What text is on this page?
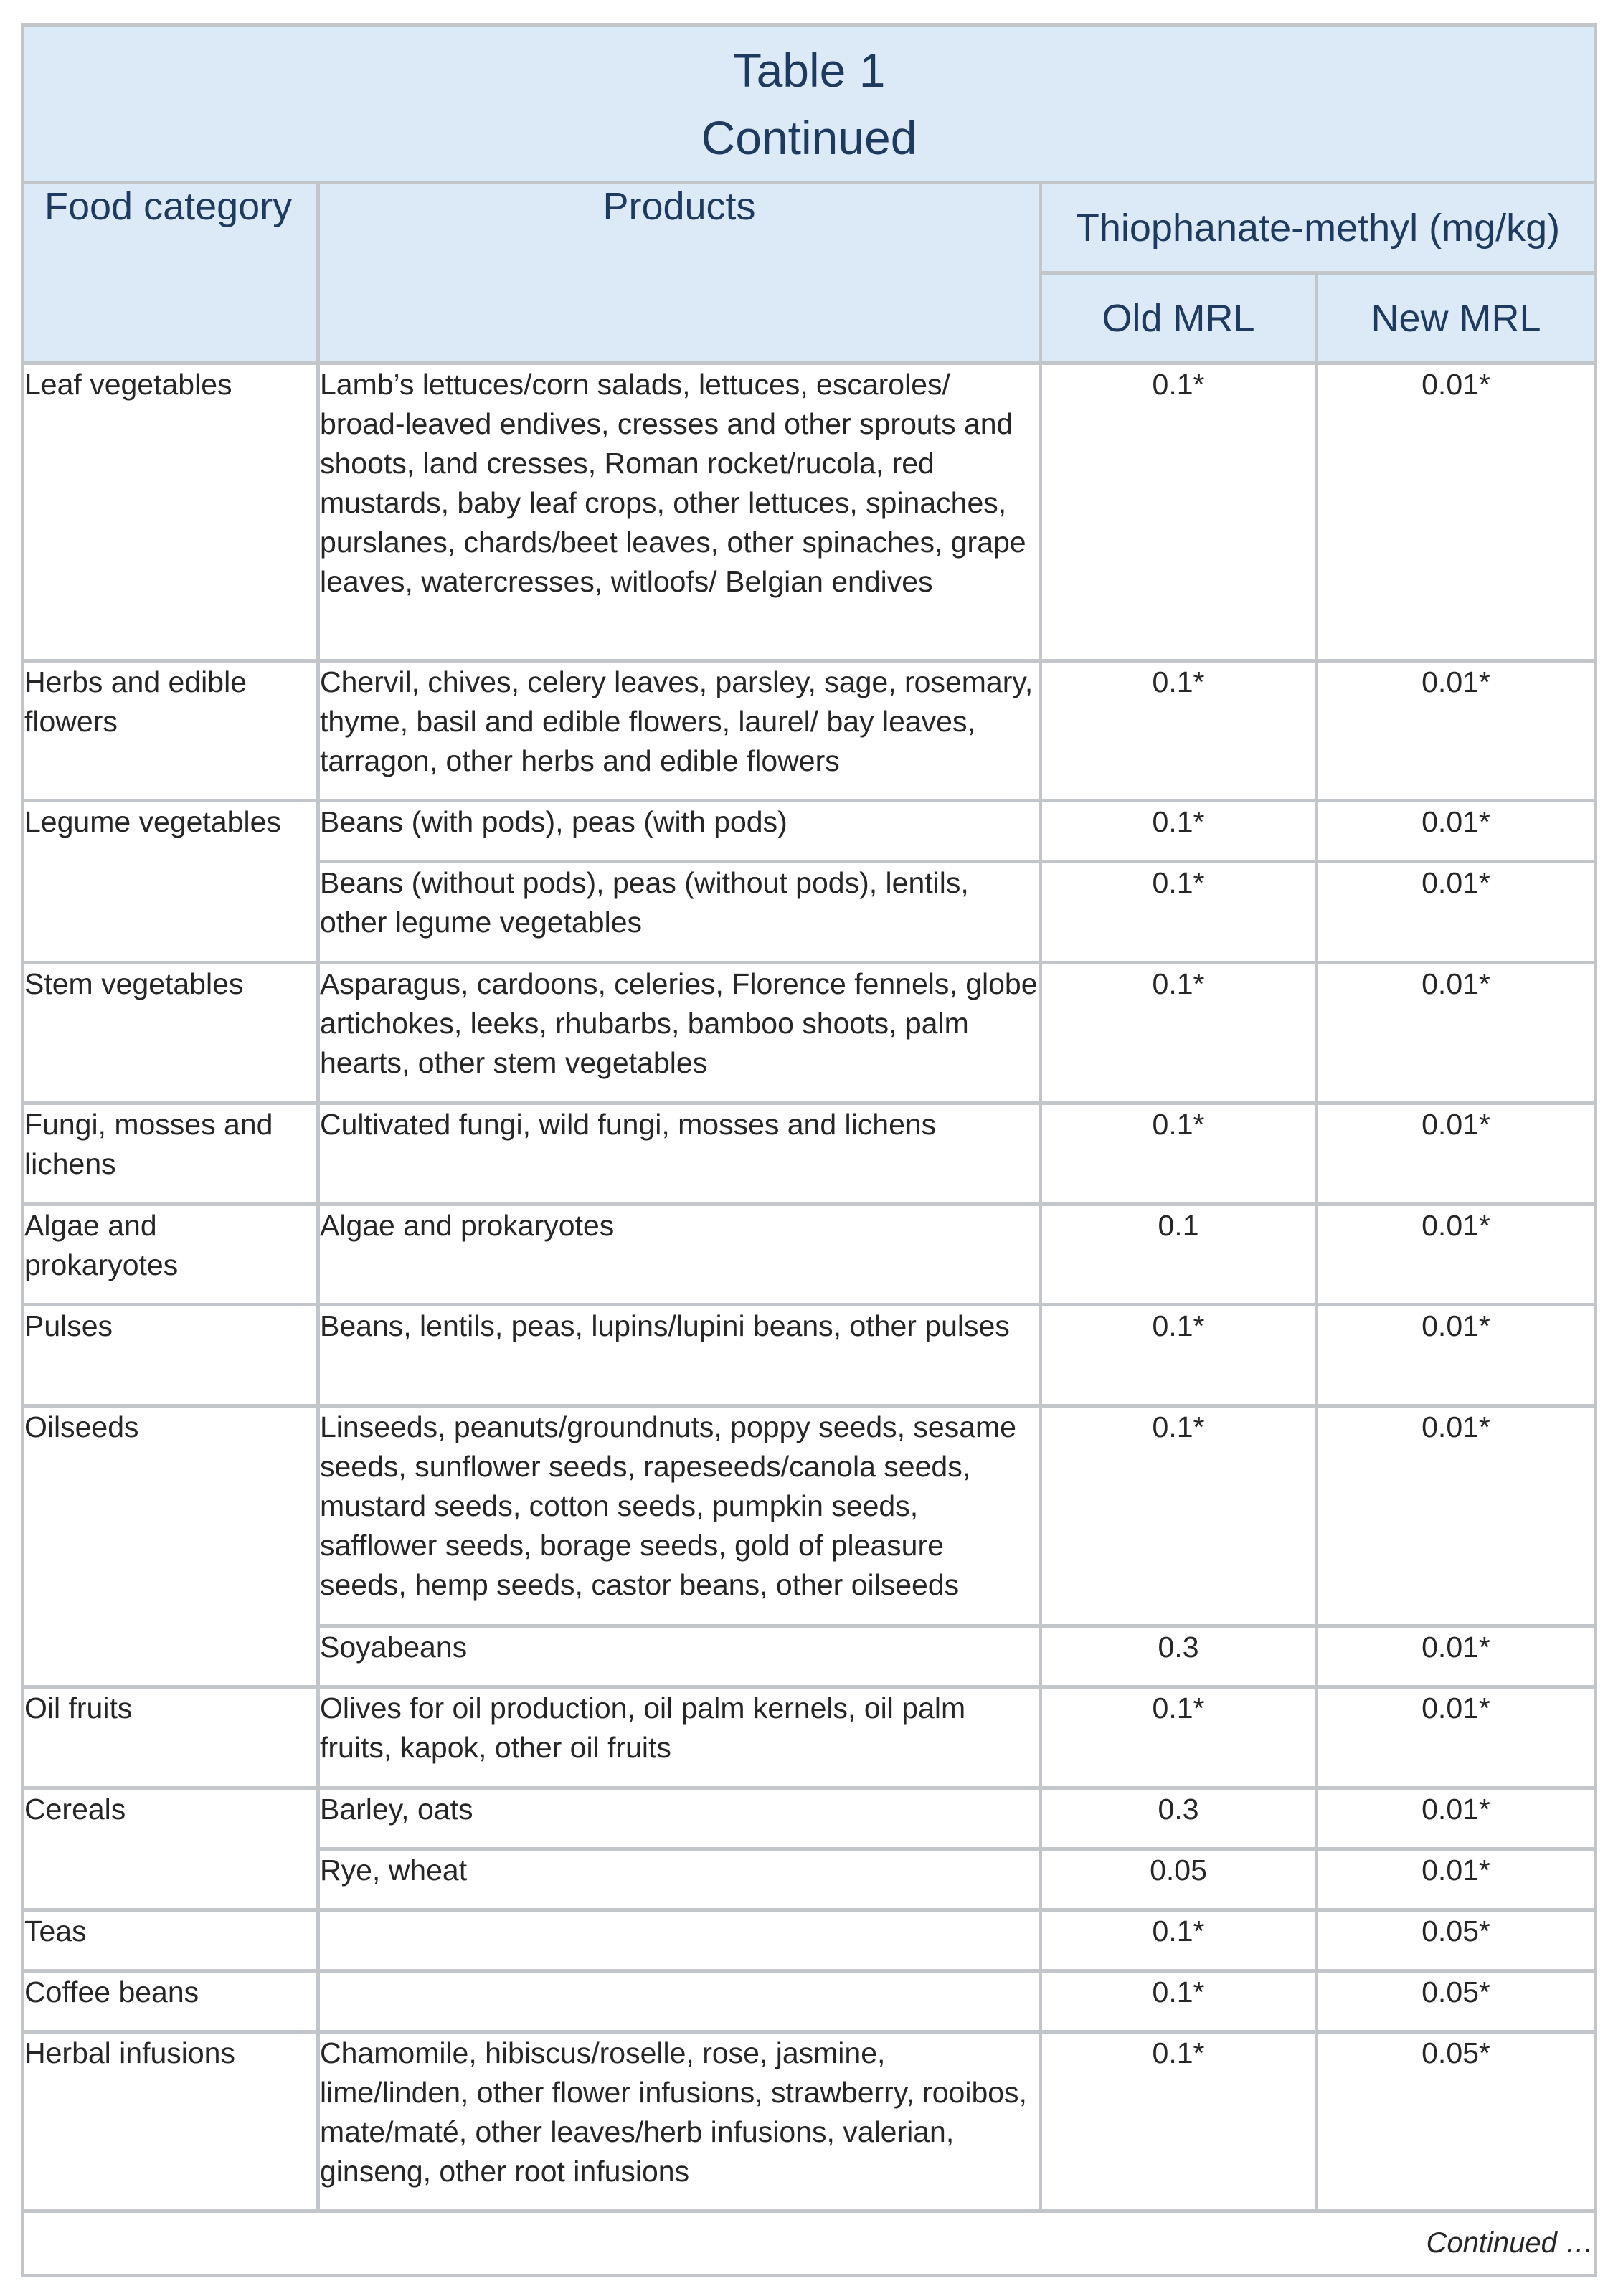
Table 1
Continued			

Food category	Products	Thiophanate-methyl (mg/kg)	
		Old MRL	New MRL
Leaf vegetables	Lamb’s lettuces/corn salads, lettuces, escaroles/ broad-leaved endives, cresses and other sprouts and shoots, land cresses, Roman rocket/rucola, red mustards, baby leaf crops, other lettuces, spinaches, purslanes, chards/beet leaves, other spinaches, grape leaves, watercresses, witloofs/ Belgian endives	0.1*	0.01*
Herbs and edible flowers	Chervil, chives, celery leaves, parsley, sage, rosemary, thyme, basil and edible flowers, laurel/ bay leaves, tarragon, other herbs and edible flowers	0.1*	0.01*
Legume vegetables	Beans (with pods), peas (with pods)	0.1*	0.01*
	Beans (without pods), peas (without pods), lentils, other legume vegetables	0.1*	0.01*
Stem vegetables	Asparagus, cardoons, celeries, Florence fennels, globe artichokes, leeks, rhubarbs, bamboo shoots, palm hearts, other stem vegetables	0.1*	0.01*
Fungi, mosses and lichens	Cultivated fungi, wild fungi, mosses and lichens	0.1*	0.01*
Algae and prokaryotes	Algae and prokaryotes	0.1	0.01*
Pulses	Beans, lentils, peas, lupins/lupini beans, other pulses	0.1*	0.01*
Oilseeds	Linseeds, peanuts/groundnuts, poppy seeds, sesame seeds, sunflower seeds, rapeseeds/canola seeds, mustard seeds, cotton seeds, pumpkin seeds, safflower seeds, borage seeds, gold of pleasure seeds, hemp seeds, castor beans, other oilseeds	0.1*	0.01*
	Soyabeans	0.3	0.01*
Oil fruits	Olives for oil production, oil palm kernels, oil palm fruits, kapok, other oil fruits	0.1*	0.01*
Cereals	Barley, oats	0.3	0.01*
	Rye, wheat	0.05	0.01*
Teas		0.1*	0.05*
Coffee beans		0.1*	0.05*
Herbal infusions	Chamomile, hibiscus/roselle, rose, jasmine, lime/linden, other flower infusions, strawberry, rooibos, mate/maté, other leaves/herb infusions, valerian, ginseng, other root infusions	0.1*	0.05*
Continued …			
